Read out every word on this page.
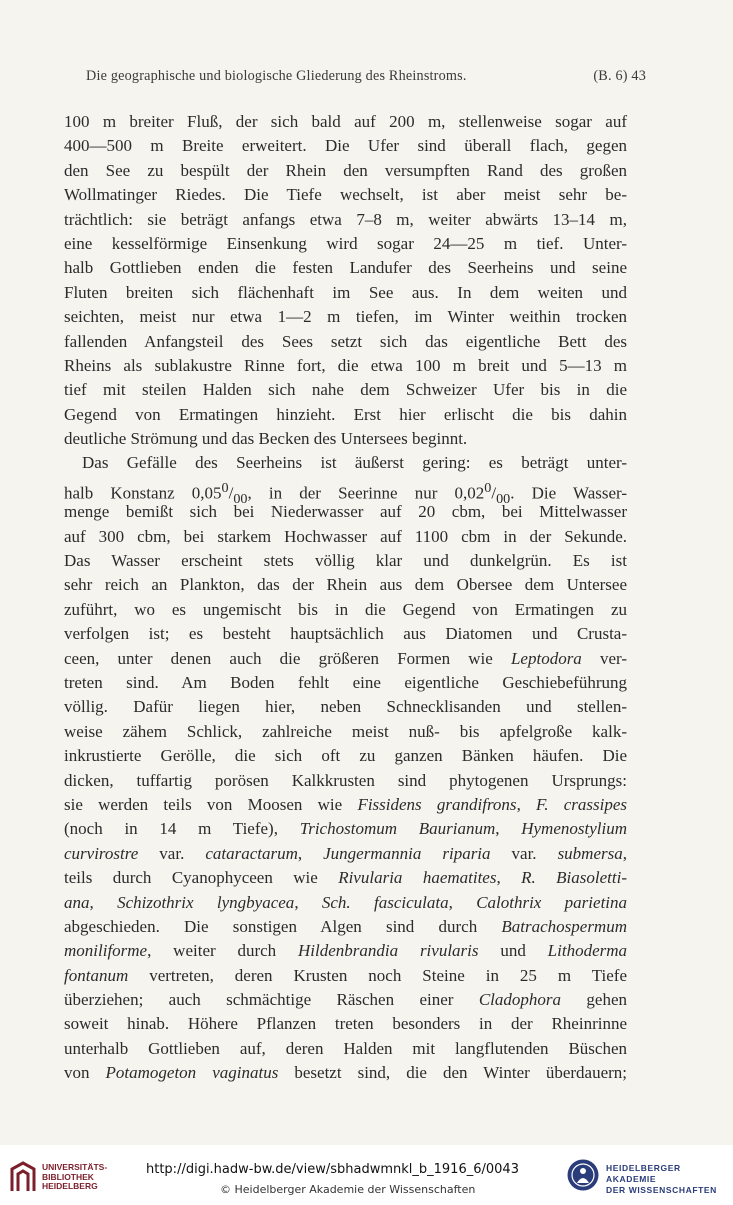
Die geographische und biologische Gliederung des Rheinstroms.	(B. 6) 43
100 m breiter Fluß, der sich bald auf 200 m, stellenweise sogar auf
400—500 m Breite erweitert. Die Ufer sind überall flach, gegen
den See zu bespült der Rhein den versumpften Rand des großen
Wollmatinger Riedes. Die Tiefe wechselt, ist aber meist sehr be-
trächtlich: sie beträgt anfangs etwa 7–8 m, weiter abwärts 13–14 m,
eine kesselförmige Einsenkung wird sogar 24—25 m tief. Unter-
halb Gottlieben enden die festen Landufer des Seerheins und seine
Fluten breiten sich flächenhaft im See aus. In dem weiten und
seichten, meist nur etwa 1—2 m tiefen, im Winter weithin trocken
fallenden Anfangsteil des Sees setzt sich das eigentliche Bett des
Rheins als sublakustre Rinne fort, die etwa 100 m breit und 5—13 m
tief mit steilen Halden sich nahe dem Schweizer Ufer bis in die
Gegend von Ermatingen hinzieht. Erst hier erlischt die bis dahin
deutliche Strömung und das Becken des Untersees beginnt.
Das Gefälle des Seerheins ist äußerst gering: es beträgt unter-
halb Konstanz $0,05^0/_{00}$, in der Seerinne nur $0,02^0/_{00}$. Die Wasser-
menge bemißt sich bei Niederwasser auf 20 cbm, bei Mittelwasser
auf 300 cbm, bei starkem Hochwasser auf 1100 cbm in der Sekunde.
Das Wasser erscheint stets völlig klar und dunkelgrün. Es ist
sehr reich an Plankton, das der Rhein aus dem Obersee dem Untersee
zuführt, wo es ungemischt bis in die Gegend von Ermatingen zu
verfolgen ist; es besteht hauptsächlich aus Diatomen und Crusta-
ceen, unter denen auch die größeren Formen wie Leptodora ver-
treten sind. Am Boden fehlt eine eigentliche Geschiebeführung
völlig. Dafür liegen hier, neben Schnecklisanden und stellen-
weise zähem Schlick, zahlreiche meist nuß- bis apfelgroße kalk-
inkrustierte Gerölle, die sich oft zu ganzen Bänken häufen. Die
dicken, tuffartig porösen Kalkkrusten sind phytogenen Ursprungs:
sie werden teils von Moosen wie Fissidens grandifrons, F. crassipes
(noch in 14 m Tiefe), Trichostomum Baurianum, Hymenostylium
curvirostre var. cataractarum, Jungermannia riparia var. submersa,
teils durch Cyanophyceen wie Rivularia haematites, R. Biasoletti-
ana, Schizothrix lyngbyacea, Sch. fasciculata, Calothrix parietina
abgeschieden. Die sonstigen Algen sind durch Batrachospermum
moniliforme, weiter durch Hildenbrandia rivularis und Lithoderma
fontanum vertreten, deren Krusten noch Steine in 25 m Tiefe
überziehen; auch schmächtige Räschen einer Cladophora gehen
soweit hinab. Höhere Pflanzen treten besonders in der Rheinrinne
unterhalb Gottlieben auf, deren Halden mit langflutenden Büschen
von Potamogeton vaginatus besetzt sind, die den Winter überdauern;
UNIVERSITÄTS-
BIBLIOTHEK
HEIDELBERG
http://digi.hadw-bw.de/view/sbhadwmnkl_b_1916_6/0043
© Heidelberger Akademie der Wissenschaften
HEIDELBERGER AKADEMIE
DER WISSENSCHAFTEN
